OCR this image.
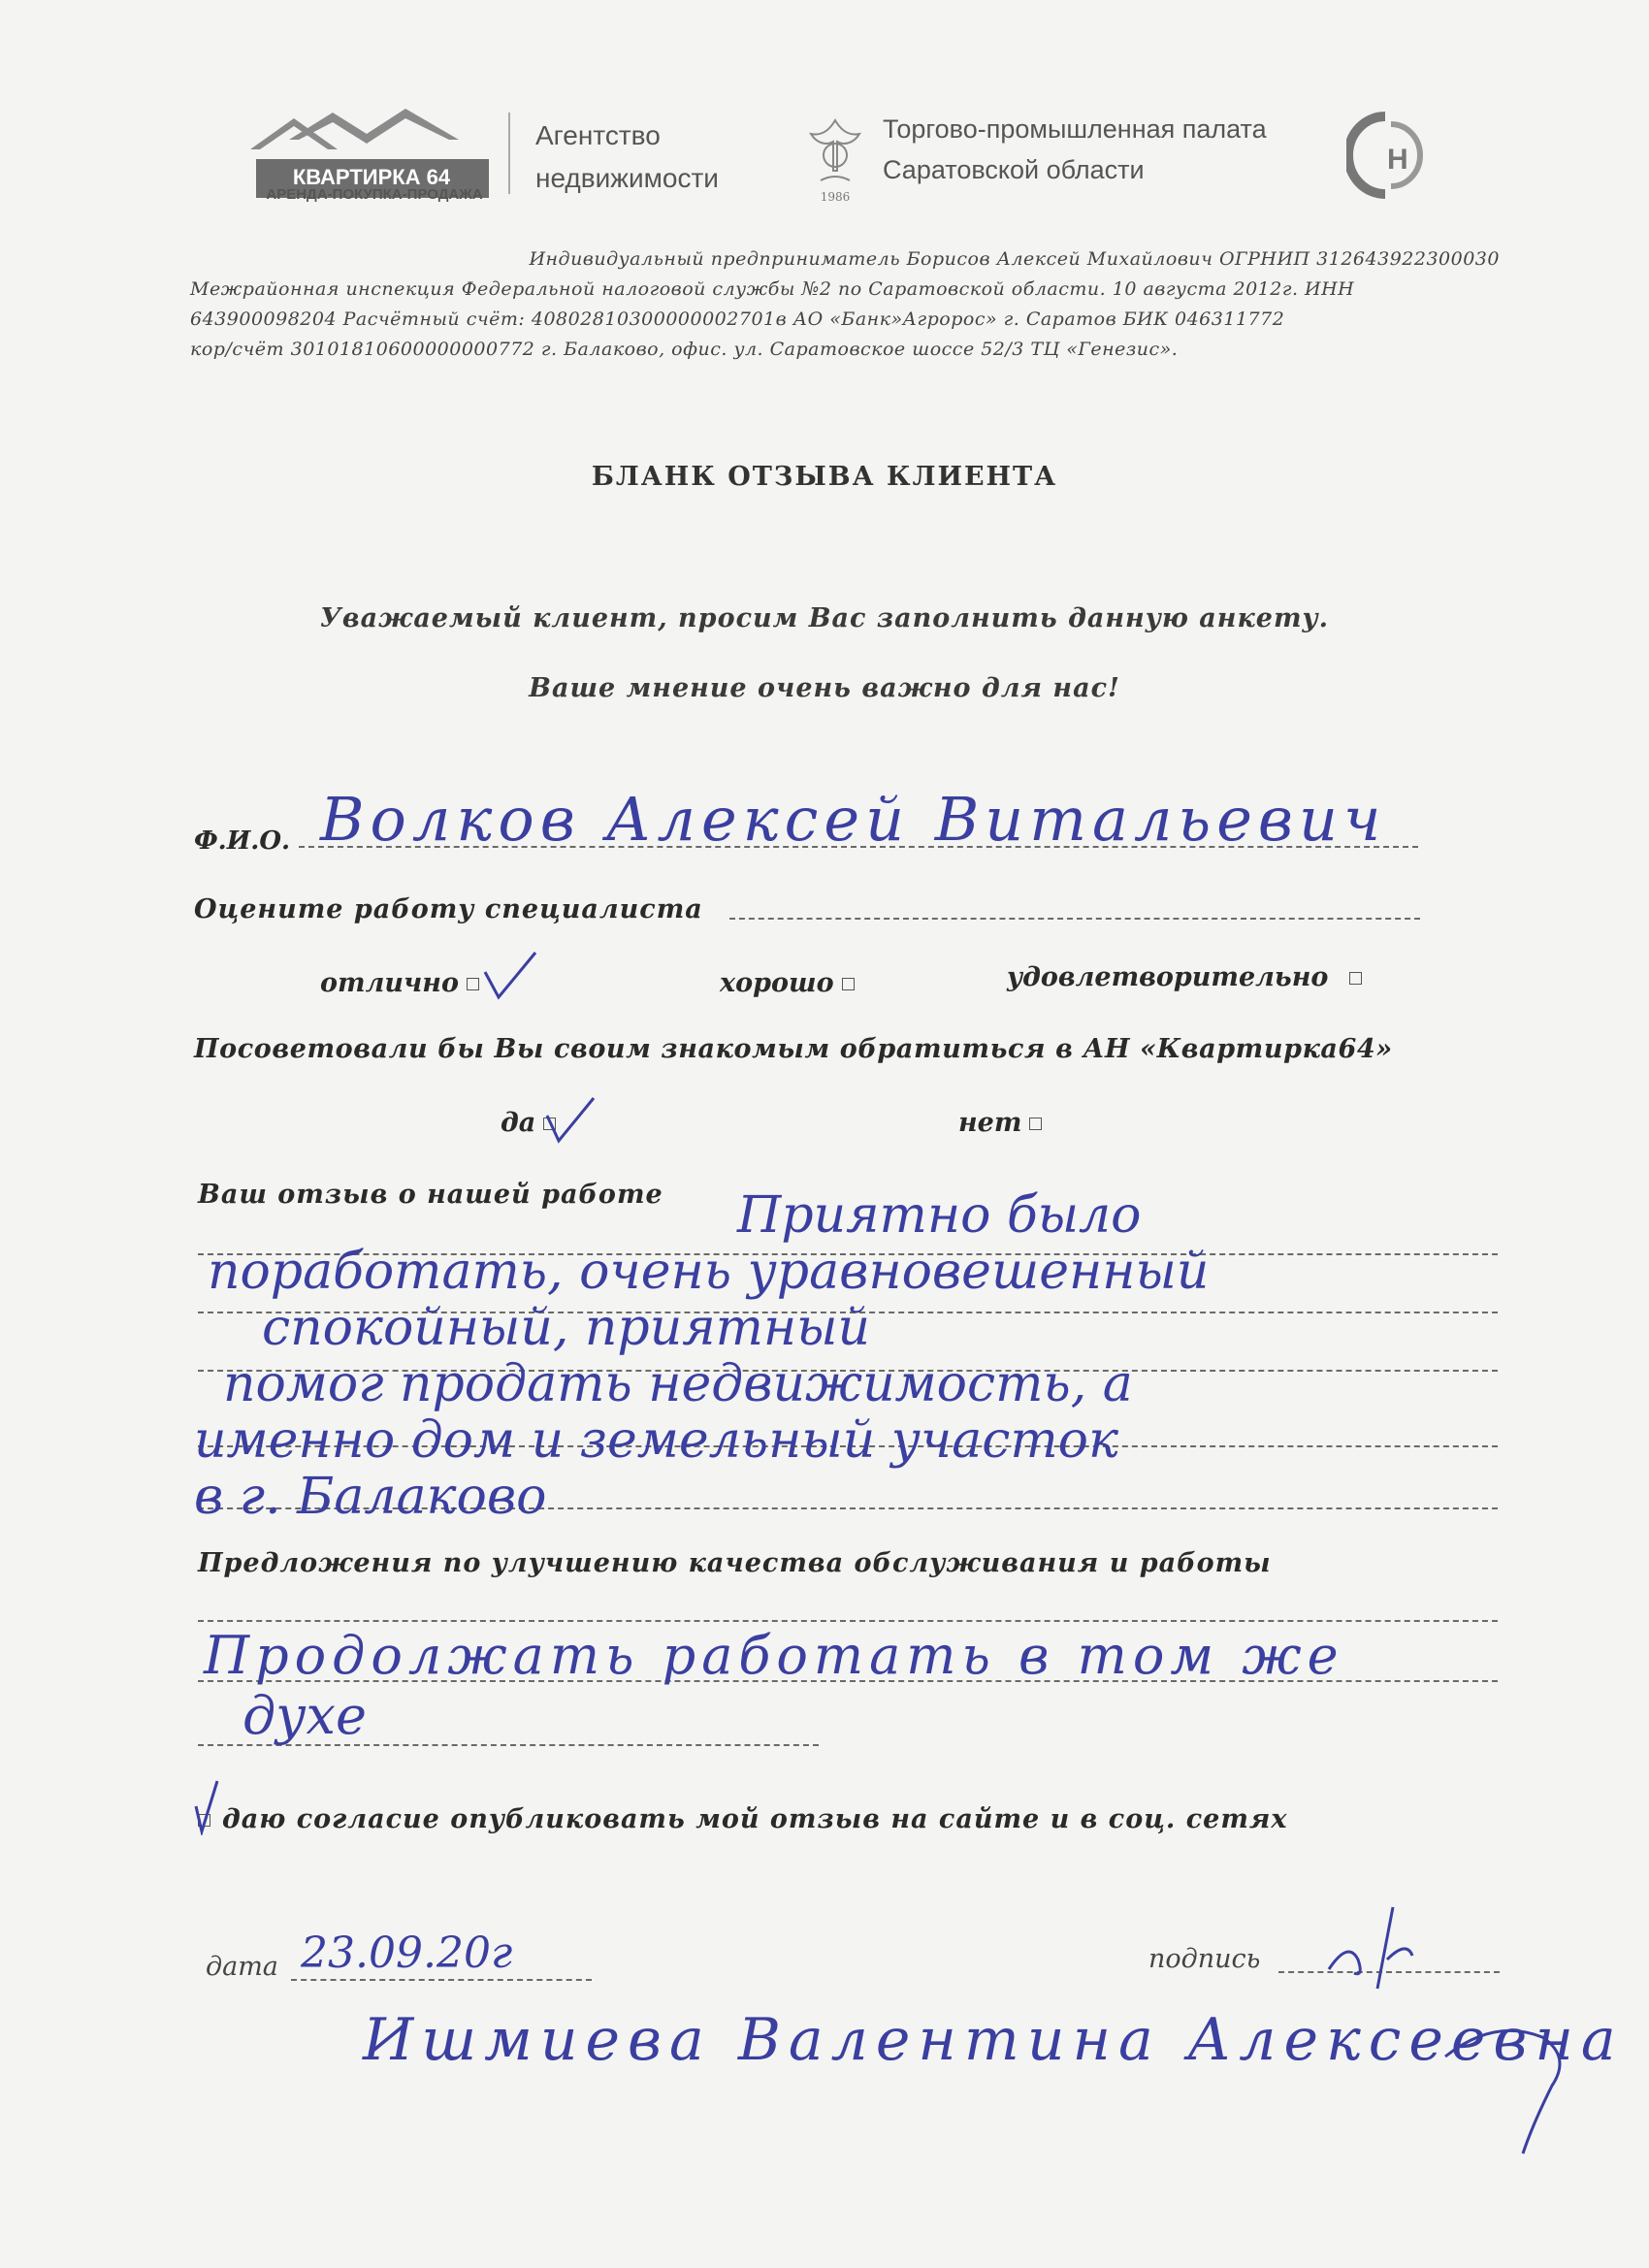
КВАРТИРКА 64
АРЕНДА-ПОКУПКА-ПРОДАЖА
Агентство
недвижимости
1986
Торгово-промышленная палата
Саратовской области	H
Индивидуальный предприниматель Борисов Алексей Михайлович ОГРНИП 312643922300030
Межрайонная инспекция Федеральной налоговой службы №2 по Саратовской области. 10 августа 2012г. ИНН
643900098204 Расчётный счёт: 40802810300000002701в АО «Банк»Агророс» г. Саратов БИК 046311772
кор/счёт 30101810600000000772 г. Балаково, офис. ул. Саратовское шоссе 52/3 ТЦ «Генезис».
БЛАНК ОТЗЫВА КЛИЕНТА
Уважаемый клиент, просим Вас заполнить данную анкету.
Ваше мнение очень важно для нас!
Ф.И.О. Волков Алексей Витальевич
Оцените работу специалиста
отлично	хорошо	удовлетворительно
Посоветовали бы Вы своим знакомым обратиться в АН «Квартирка64»
да	нет
Ваш отзыв о нашей работе	Приятно было
поработать, очень уравновешенный
спокойный, приятный
помог продать недвижимость, а
именно дом и земельный участок
в г. Балаково
Предложения по улучшению качества обслуживания и работы
Продолжать работать в том же
духе
даю согласие опубликовать мой отзыв на сайте и в соц. сетях
дата 23.09.20г	подпись
Ишмиева Валентина Алексеевна
